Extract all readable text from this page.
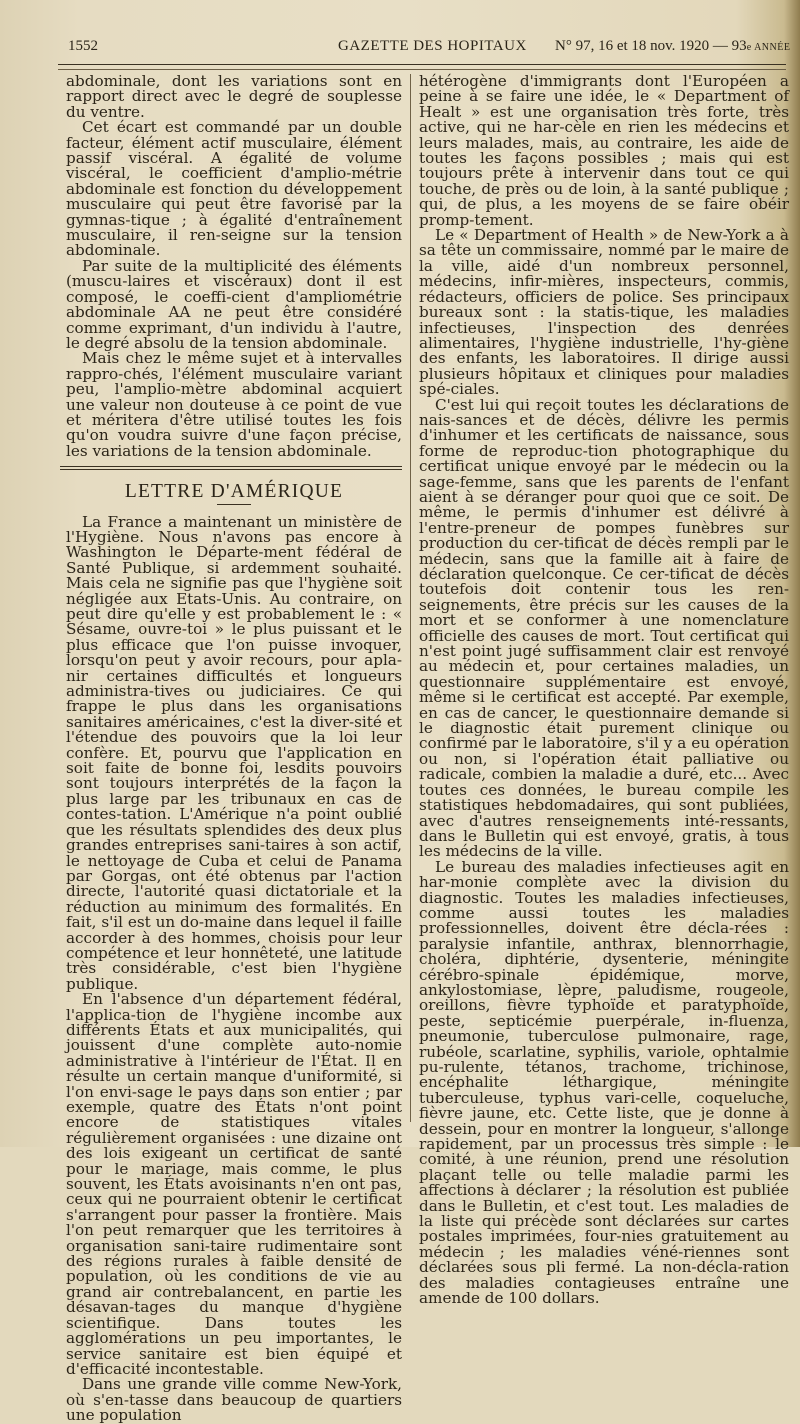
1552	GAZETTE DES HOPITAUX N° 97, 16 et 18 nov. 1920 — 93e ANNÉE

abdominale, dont les variations sont en rapport direct avec le degré de souplesse du ventre.

Cet écart est commandé par un double facteur, élément actif musculaire, élément passif viscéral. A égalité de volume viscéral, le coefficient d'amplio-métrie abdominale est fonction du développement musculaire qui peut être favorisé par la gymnas-tique ; à égalité d'entraînement musculaire, il ren-seigne sur la tension abdominale.

Par suite de la multiplicité des éléments (muscu-laires et viscéraux) dont il est composé, le coeffi-cient d'ampliométrie abdominale AA ne peut être considéré comme exprimant, d'un individu à l'autre, le degré absolu de la tension abdominale.

Mais chez le même sujet et à intervalles rappro-chés, l'élément musculaire variant peu, l'amplio-mètre abdominal acquiert une valeur non douteuse à ce point de vue et méritera d'être utilisé toutes les fois qu'on voudra suivre d'une façon précise, les variations de la tension abdominale.

LETTRE D'AMÉRIQUE

La France a maintenant un ministère de l'Hygiène. Nous n'avons pas encore à Washington le Départe-ment fédéral de Santé Publique, si ardemment souhaité. Mais cela ne signifie pas que l'hygiène soit négligée aux Etats-Unis. Au contraire, on peut dire qu'elle y est probablement le : « Sésame, ouvre-toi » le plus puissant et le plus efficace que l'on puisse invoquer, lorsqu'on peut y avoir recours, pour apla-nir certaines difficultés et longueurs administra-tives ou judiciaires. Ce qui frappe le plus dans les organisations sanitaires américaines, c'est la diver-sité et l'étendue des pouvoirs que la loi leur confère. Et, pourvu que l'application en soit faite de bonne foi, lesdits pouvoirs sont toujours interprétés de la façon la plus large par les tribunaux en cas de contes-tation. L'Amérique n'a point oublié que les résultats splendides des deux plus grandes entreprises sani-taires à son actif, le nettoyage de Cuba et celui de Panama par Gorgas, ont été obtenus par l'action directe, l'autorité quasi dictatoriale et la réduction au minimum des formalités. En fait, s'il est un do-maine dans lequel il faille accorder à des hommes, choisis pour leur compétence et leur honnêteté, une latitude très considérable, c'est bien l'hygiène publique.

En l'absence d'un département fédéral, l'applica-tion de l'hygiène incombe aux différents États et aux municipalités, qui jouissent d'une complète auto-nomie administrative à l'intérieur de l'État. Il en résulte un certain manque d'uniformité, si l'on envi-sage le pays dans son entier ; par exemple, quatre des États n'ont point encore de statistiques vitales régulièrement organisées : une dizaine ont des lois exigeant un certificat de santé pour le mariage, mais comme, le plus souvent, les États avoisinants n'en ont pas, ceux qui ne pourraient obtenir le certificat s'arrangent pour passer la frontière. Mais l'on peut remarquer que les territoires à organisation sani-taire rudimentaire sont des régions rurales à faible densité de population, où les conditions de vie au grand air contrebalancent, en partie les désavan-tages du manque d'hygiène scientifique. Dans toutes les agglomérations un peu importantes, le service sanitaire est bien équipé et d'efficacité incontestable.

Dans une grande ville comme New-York, où s'en-tasse dans beaucoup de quartiers une population

hétérogène d'immigrants dont l'Européen a peine à se faire une idée, le « Department of Healt » est une organisation très forte, très active, qui ne har-cèle en rien les médecins et leurs malades, mais, au contraire, les aide de toutes les façons possibles ; mais qui est toujours prête à intervenir dans tout ce qui touche, de près ou de loin, à la santé publique ; qui, de plus, a les moyens de se faire obéir promp-tement.

Le « Department of Health » de New-York a à sa tête un commissaire, nommé par le maire de la ville, aidé d'un nombreux personnel, médecins, infir-mières, inspecteurs, commis, rédacteurs, officiers de police. Ses principaux bureaux sont : la statis-tique, les maladies infectieuses, l'inspection des denrées alimentaires, l'hygiène industrielle, l'hy-giène des enfants, les laboratoires. Il dirige aussi plusieurs hôpitaux et cliniques pour maladies spé-ciales.

C'est lui qui reçoit toutes les déclarations de nais-sances et de décès, délivre les permis d'inhumer et les certificats de naissance, sous forme de reproduc-tion photographique du certificat unique envoyé par le médecin ou la sage-femme, sans que les parents de l'enfant aient à se déranger pour quoi que ce soit. De même, le permis d'inhumer est délivré à l'entre-preneur de pompes funèbres sur production du cer-tificat de décès rempli par le médecin, sans que la famille ait à faire de déclaration quelconque. Ce cer-tificat de décès toutefois doit contenir tous les ren-seignements, être précis sur les causes de la mort et se conformer à une nomenclature officielle des causes de mort. Tout certificat qui n'est point jugé suffisamment clair est renvoyé au médecin et, pour certaines maladies, un questionnaire supplémentaire est envoyé, même si le certificat est accepté. Par exemple, en cas de cancer, le questionnaire demande si le diagnostic était purement clinique ou confirmé par le laboratoire, s'il y a eu opération ou non, si l'opération était palliative ou radicale, combien la maladie a duré, etc... Avec toutes ces données, le bureau compile les statistiques hebdomadaires, qui sont publiées, avec d'autres renseignements inté-ressants, dans le Bulletin qui est envoyé, gratis, à tous les médecins de la ville.

Le bureau des maladies infectieuses agit en har-monie complète avec la division du diagnostic. Toutes les maladies infectieuses, comme aussi toutes les maladies professionnelles, doivent être décla-rées : paralysie infantile, anthrax, blennorrhagie, choléra, diphtérie, dysenterie, méningite cérébro-spinale épidémique, morve, ankylostomiase, lèpre, paludisme, rougeole, oreillons, fièvre typhoïde et paratyphoïde, peste, septicémie puerpérale, in-fluenza, pneumonie, tuberculose pulmonaire, rage, rubéole, scarlatine, syphilis, variole, ophtalmie pu-rulente, tétanos, trachome, trichinose, encéphalite léthargique, méningite tuberculeuse, typhus vari-celle, coqueluche, fièvre jaune, etc. Cette liste, que je donne à dessein, pour en montrer la longueur, s'allonge rapidement, par un processus très simple : le comité, à une réunion, prend une résolution plaçant telle ou telle maladie parmi les affections à déclarer ; la résolution est publiée dans le Bulletin, et c'est tout. Les maladies de la liste qui précède sont déclarées sur cartes postales imprimées, four-nies gratuitement au médecin ; les maladies véné-riennes sont déclarées sous pli fermé. La non-décla-ration des maladies contagieuses entraîne une amende de 100 dollars.
